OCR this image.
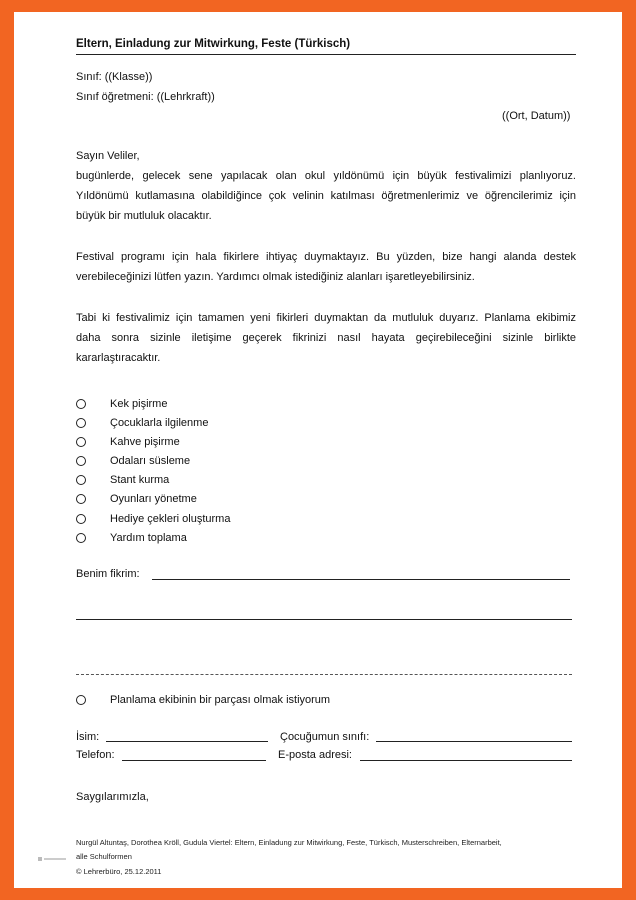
Eltern, Einladung zur Mitwirkung, Feste (Türkisch)
Sınıf: ((Klasse))
Sınıf öğretmeni: ((Lehrkraft))
((Ort, Datum))
Sayın Veliler,
bugünlerde, gelecek sene yapılacak olan okul yıldönümü için büyük festivalimizi planlıyoruz.
Yıldönümü kutlamasına olabildiğince çok velinin katılması öğretmenlerimiz ve öğrencilerimiz için
büyük bir mutluluk olacaktır.
Festival programı için hala fikirlere ihtiyaç duymaktayız. Bu yüzden, bize hangi alanda destek
verebileceğinizi lütfen yazın. Yardımcı olmak istediğiniz alanları işaretleyebilirsiniz.
Tabi ki festivalimiz için tamamen yeni fikirleri duymaktan da mutluluk duyarız. Planlama ekibimiz
daha sonra sizinle iletişime geçerek fikrinizi nasıl hayata geçirebileceğini sizinle birlikte
kararlaştıracaktır.
Kek pişirme
Çocuklarla ilgilenme
Kahve pişirme
Odaları süsleme
Stant kurma
Oyunları yönetme
Hediye çekleri oluşturma
Yardım toplama
Benim fikrim:
Planlama ekibinin bir parçası olmak istiyorum
İsim:	Çocuğumun sınıfı:
Telefon:	E-posta adresi:
Saygılarımızla,
Nurgül Altuntaş, Dorothea Kröll, Gudula Viertel: Eltern, Einladung zur Mitwirkung, Feste, Türkisch, Musterschreiben, Elternarbeit,
alle Schulformen
© Lehrerbüro, 25.12.2011
